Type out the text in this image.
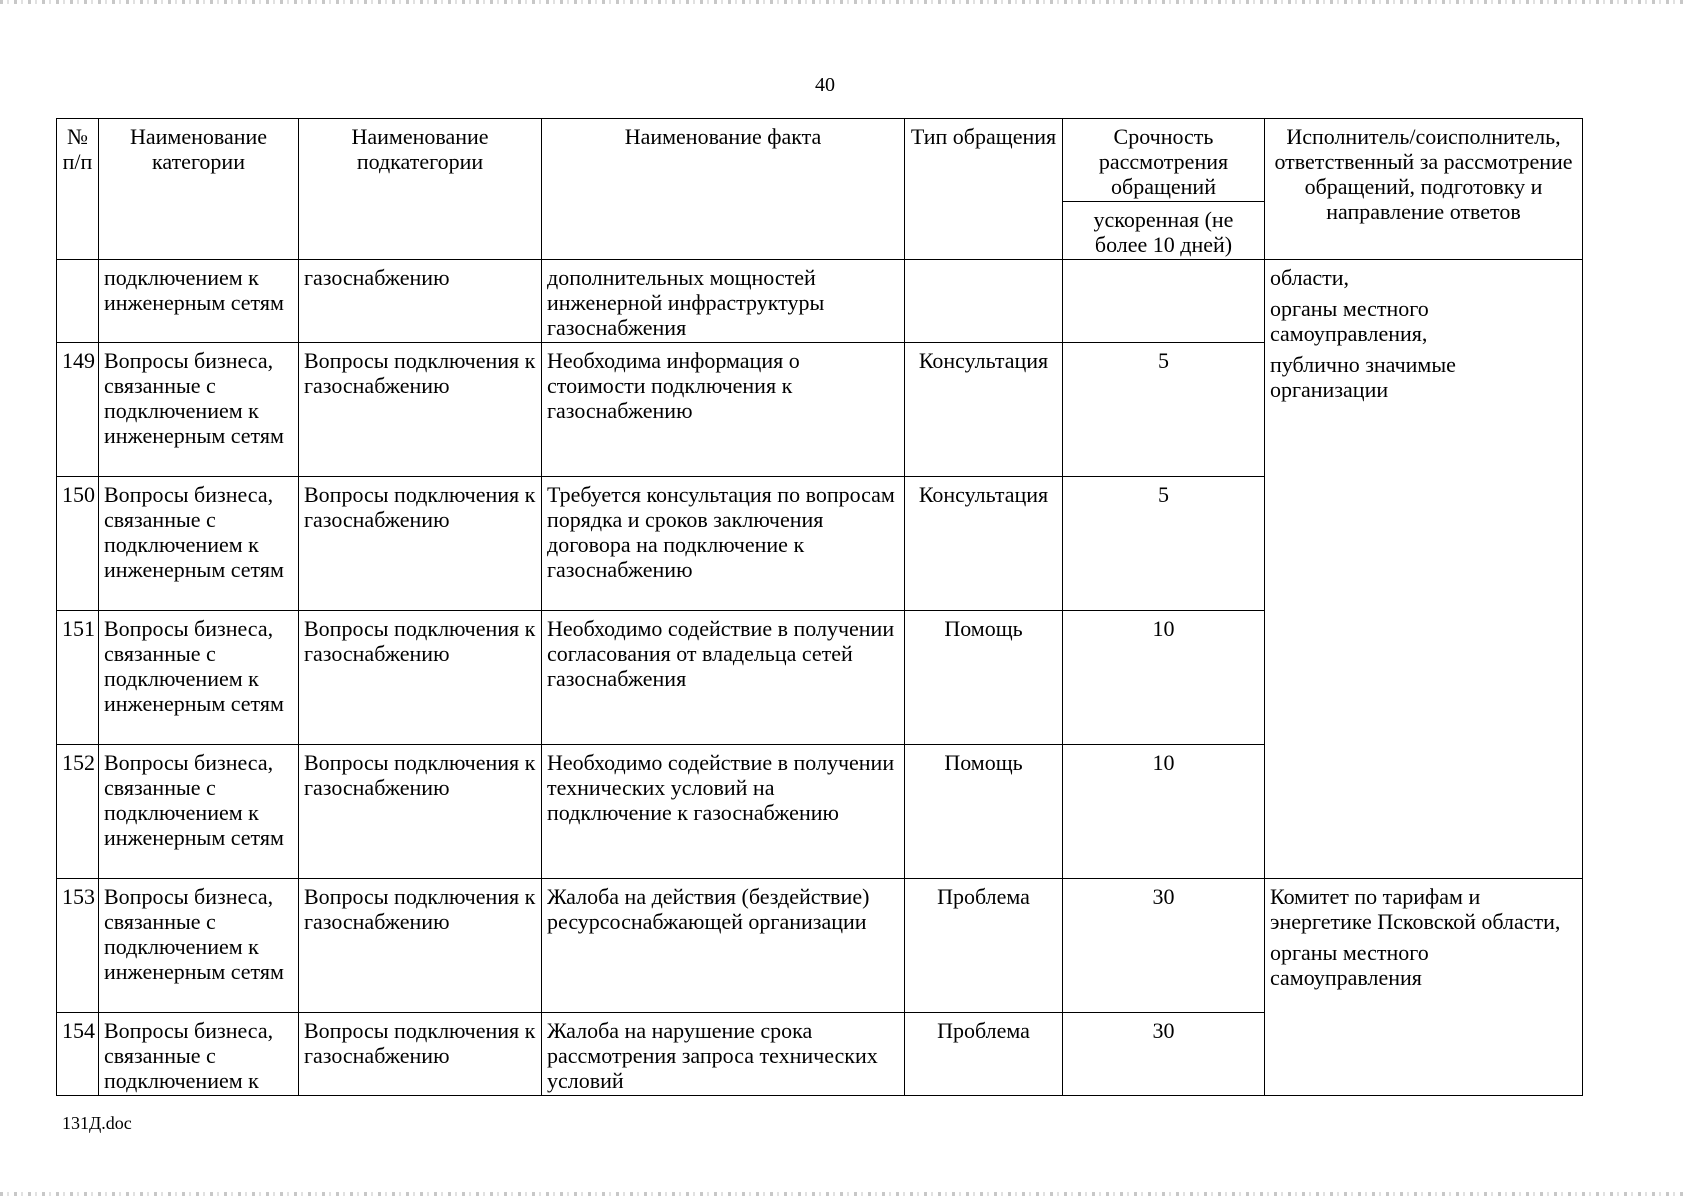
40
№ п/п	Наименование категории	Наименование подкатегории	Наименование факта	Тип обращения	Срочность рассмотрения обращений	Исполнитель/соисполнитель, ответственный за рассмотрение обращений, подготовку и направление ответов
					ускоренная (не более 10 дней)	
	подключением к инженерным сетям	газоснабжению	дополнительных мощностей инженерной инфраструктуры газоснабжения			области,
органы местного самоуправления,
публично значимые организации

149	Вопросы бизнеса, связанные с подключением к инженерным сетям	Вопросы подключения к газоснабжению	Необходима информация о стоимости подключения к газоснабжению	Консультация	5	
150	Вопросы бизнеса, связанные с подключением к инженерным сетям	Вопросы подключения к газоснабжению	Требуется консультация по вопросам порядка и сроков заключения договора на подключение к газоснабжению	Консультация	5	
151	Вопросы бизнеса, связанные с подключением к инженерным сетям	Вопросы подключения к газоснабжению	Необходимо содействие в получении согласования от владельца сетей газоснабжения	Помощь	10	
152	Вопросы бизнеса, связанные с подключением к инженерным сетям	Вопросы подключения к газоснабжению	Необходимо содействие в получении технических условий на подключение к газоснабжению	Помощь	10	
153	Вопросы бизнеса, связанные с подключением к инженерным сетям	Вопросы подключения к газоснабжению	Жалоба на действия (бездействие) ресурсоснабжающей организации	Проблема	30	Комитет по тарифам и энергетике Псковской области,
органы местного самоуправления

154	Вопросы бизнеса, связанные с подключением к	Вопросы подключения к газоснабжению	Жалоба на нарушение срока рассмотрения запроса технических условий	Проблема	30	
131Д.doc
